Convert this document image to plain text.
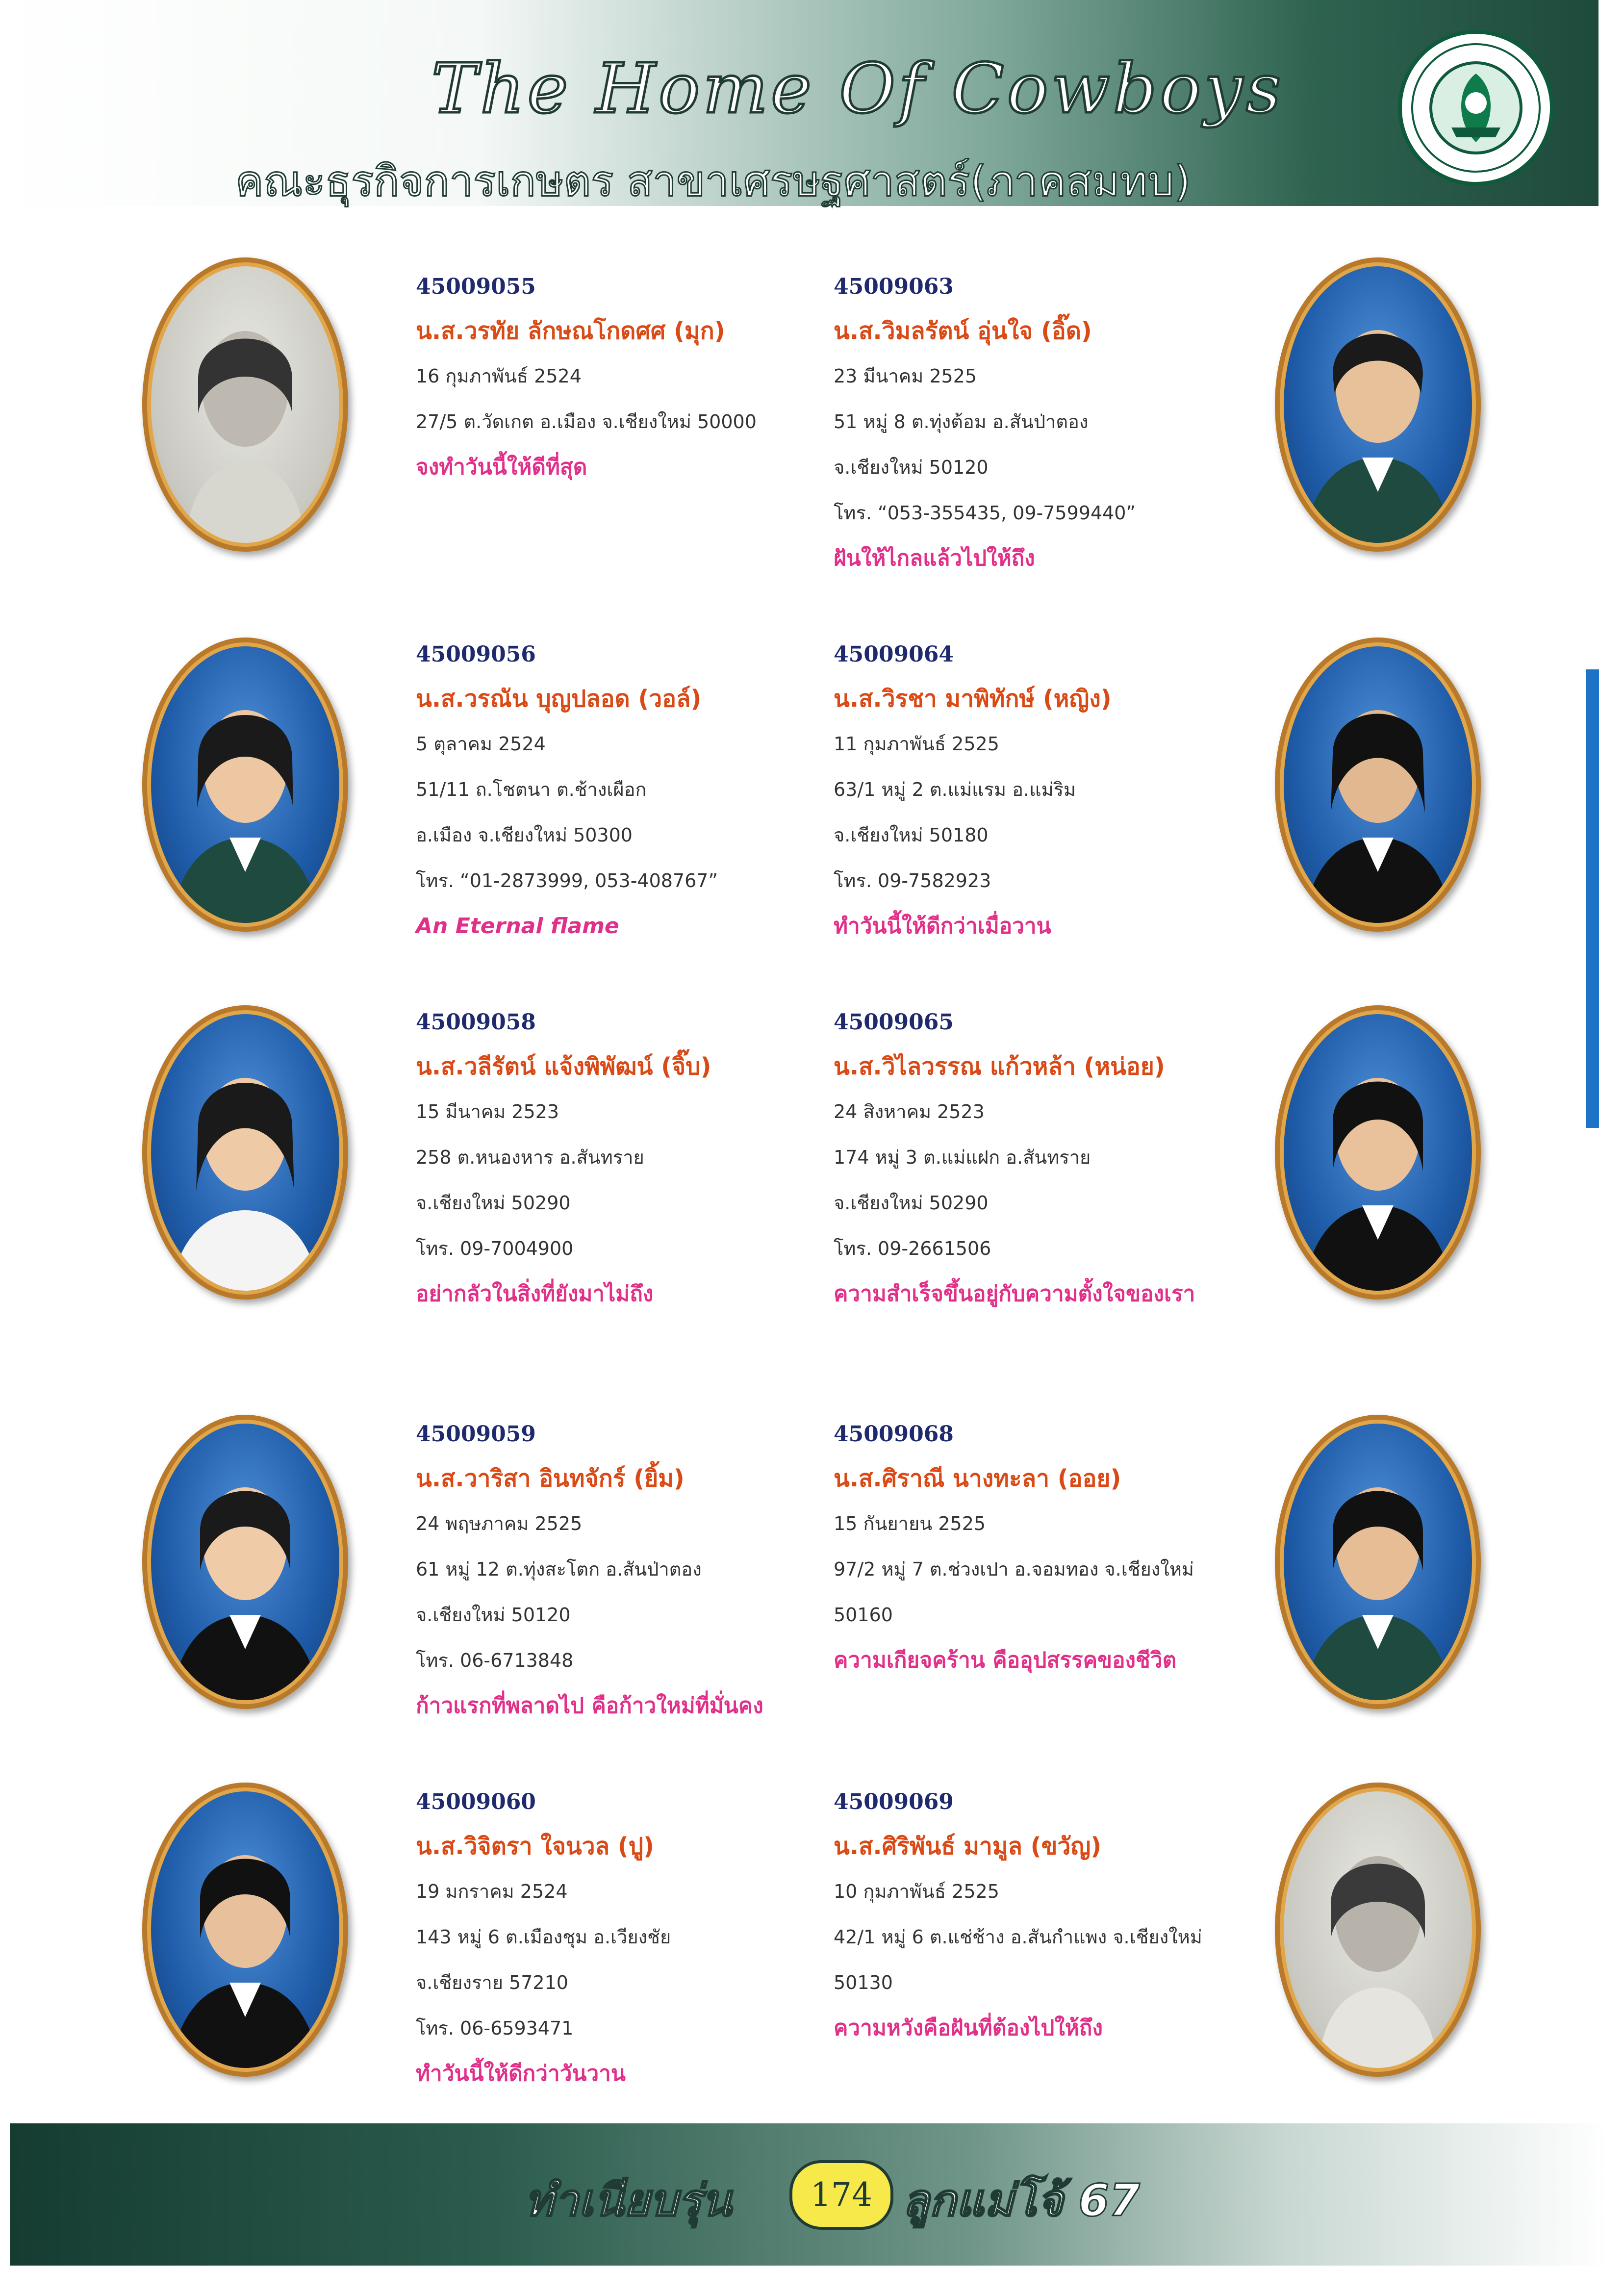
The Home Of Cowboys
คณะธุรกิจการเกษตร สาขาเศรษฐศาสตร์(ภาคสมทบ)
45009055
น.ส.วรทัย ลักษณโกดศศ (มุก)
16 กุมภาพันธ์ 2524
27/5 ต.วัดเกต อ.เมือง จ.เชียงใหม่ 50000
จงทำวันนี้ให้ดีที่สุด
45009063
น.ส.วิมลรัตน์ อุ่นใจ (อิ๊ด)
23 มีนาคม 2525
51 หมู่ 8 ต.ทุ่งต้อม อ.สันป่าตอง
จ.เชียงใหม่ 50120
โทร. “053-355435, 09-7599440”
ฝันให้ไกลแล้วไปให้ถึง
45009056
น.ส.วรณัน บุญปลอด (วอล์)
5 ตุลาคม 2524
51/11 ถ.โชตนา ต.ช้างเผือก
อ.เมือง จ.เชียงใหม่ 50300
โทร. “01-2873999, 053-408767”
An Eternal flame
45009064
น.ส.วิรชา มาพิทักษ์ (หญิง)
11 กุมภาพันธ์ 2525
63/1 หมู่ 2 ต.แม่แรม อ.แม่ริม
จ.เชียงใหม่ 50180
โทร. 09-7582923
ทำวันนี้ให้ดีกว่าเมื่อวาน
45009058
น.ส.วลีรัตน์ แจ้งพิพัฒน์ (จิ๊บ)
15 มีนาคม 2523
258 ต.หนองหาร อ.สันทราย
จ.เชียงใหม่ 50290
โทร. 09-7004900
อย่ากลัวในสิ่งที่ยังมาไม่ถึง
45009065
น.ส.วิไลวรรณ แก้วหล้า (หน่อย)
24 สิงหาคม 2523
174 หมู่ 3 ต.แม่แฝก อ.สันทราย
จ.เชียงใหม่ 50290
โทร. 09-2661506
ความสำเร็จขึ้นอยู่กับความตั้งใจของเรา
45009059
น.ส.วาริสา อินทจักร์ (ยิ้ม)
24 พฤษภาคม 2525
61 หมู่ 12 ต.ทุ่งสะโตก อ.สันป่าตอง
จ.เชียงใหม่ 50120
โทร. 06-6713848
ก้าวแรกที่พลาดไป คือก้าวใหม่ที่มั่นคง
45009068
น.ส.ศิราณี นางทะลา (ออย)
15 กันยายน 2525
97/2 หมู่ 7 ต.ช่วงเปา อ.จอมทอง จ.เชียงใหม่
50160
ความเกียจคร้าน คืออุปสรรคของชีวิต
45009060
น.ส.วิจิตรา ใจนวล (ปู)
19 มกราคม 2524
143 หมู่ 6 ต.เมืองชุม อ.เวียงชัย
จ.เชียงราย 57210
โทร. 06-6593471
ทำวันนี้ให้ดีกว่าวันวาน
45009069
น.ส.ศิริพันธ์ มามูล (ขวัญ)
10 กุมภาพันธ์ 2525
42/1 หมู่ 6 ต.แช่ช้าง อ.สันกำแพง จ.เชียงใหม่
50130
ความหวังคือฝันที่ต้องไปให้ถึง
ทำเนียบรุ่น	174 ลูกแม่โจ้ 67
